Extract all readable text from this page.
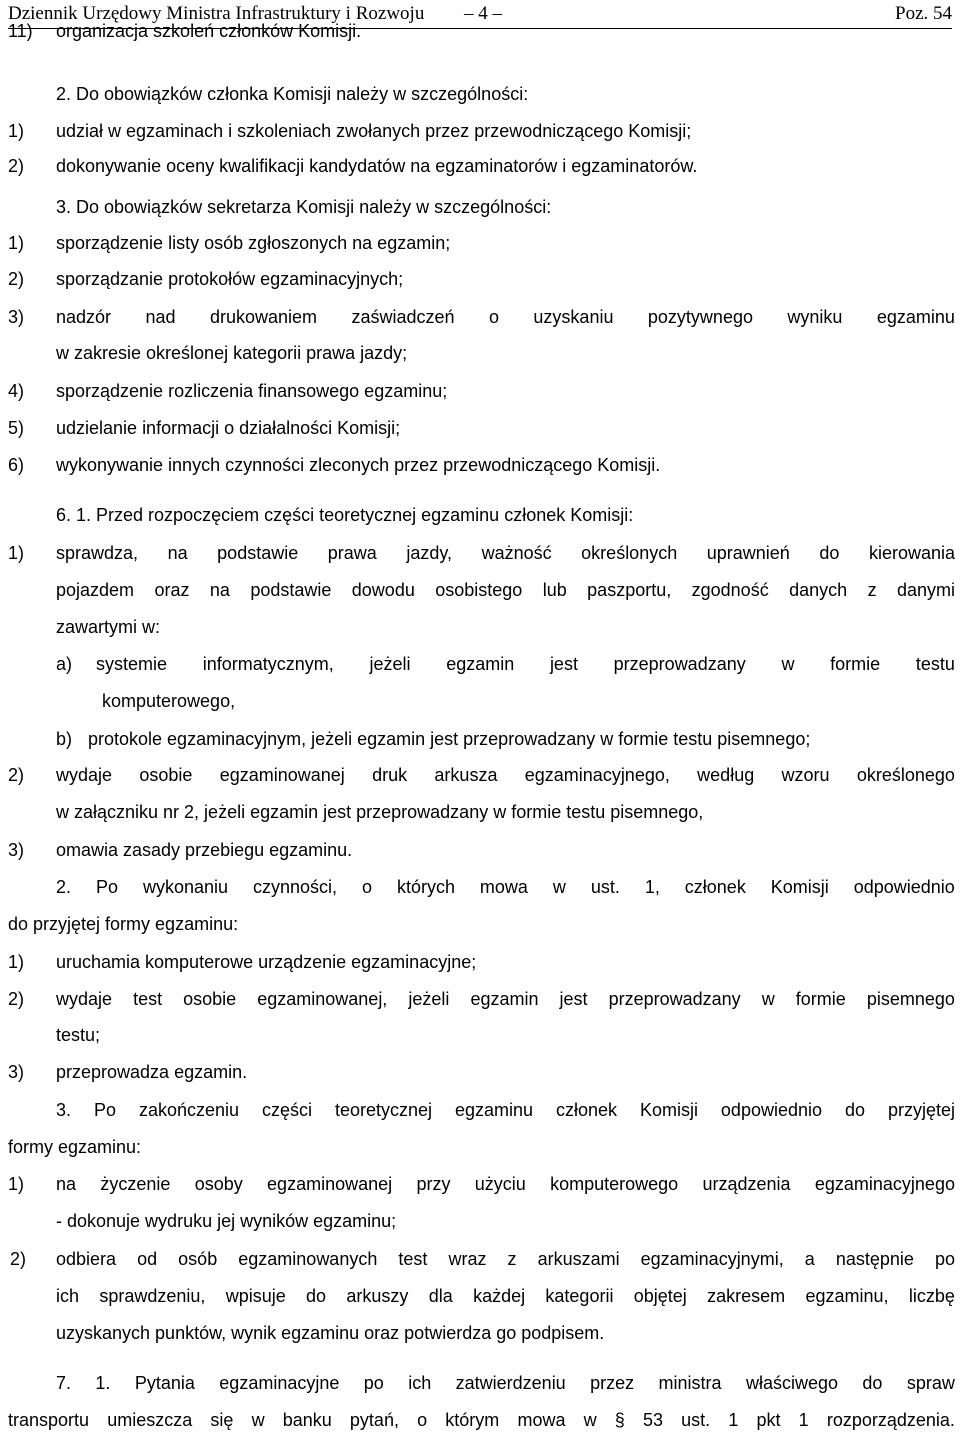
Dziennik Urzędowy Ministra Infrastruktury i Rozwoju – 4 –	Poz. 54
11) organizacja szkoleń członków Komisji.
2. Do obowiązków członka Komisji należy w szczególności:
1) udział w egzaminach i szkoleniach zwołanych przez przewodniczącego Komisji;
2) dokonywanie oceny kwalifikacji kandydatów na egzaminatorów i egzaminatorów.
3. Do obowiązków sekretarza Komisji należy w szczególności:
1) sporządzenie listy osób zgłoszonych na egzamin;
2) sporządzanie protokołów egzaminacyjnych;
3) nadzór nad drukowaniem zaświadczeń o uzyskaniu pozytywnego wyniku egzaminu
w zakresie określonej kategorii prawa jazdy;
4) sporządzenie rozliczenia finansowego egzaminu;
5) udzielanie informacji o działalności Komisji;
6) wykonywanie innych czynności zleconych przez przewodniczącego Komisji.
6. 1. Przed rozpoczęciem części teoretycznej egzaminu członek Komisji:
1) sprawdza, na podstawie prawa jazdy, ważność określonych uprawnień do kierowania
pojazdem oraz na podstawie dowodu osobistego lub paszportu, zgodność danych z danymi
zawartymi w:
a) systemie informatycznym, jeżeli egzamin jest przeprowadzany w formie testu
komputerowego,
b) protokole egzaminacyjnym, jeżeli egzamin jest przeprowadzany w formie testu pisemnego;
2) wydaje osobie egzaminowanej druk arkusza egzaminacyjnego, według wzoru określonego
w załączniku nr 2, jeżeli egzamin jest przeprowadzany w formie testu pisemnego,
3) omawia zasady przebiegu egzaminu.
2. Po wykonaniu czynności, o których mowa w ust. 1, członek Komisji odpowiednio
do przyjętej formy egzaminu:
1) uruchamia komputerowe urządzenie egzaminacyjne;
2) wydaje test osobie egzaminowanej, jeżeli egzamin jest przeprowadzany w formie pisemnego
testu;
3) przeprowadza egzamin.
3. Po zakończeniu części teoretycznej egzaminu członek Komisji odpowiednio do przyjętej
formy egzaminu:
1) na życzenie osoby egzaminowanej przy użyciu komputerowego urządzenia egzaminacyjnego
- dokonuje wydruku jej wyników egzaminu;
2) odbiera od osób egzaminowanych test wraz z arkuszami egzaminacyjnymi, a następnie po
ich sprawdzeniu, wpisuje do arkuszy dla każdej kategorii objętej zakresem egzaminu, liczbę
uzyskanych punktów, wynik egzaminu oraz potwierdza go podpisem.
7. 1. Pytania egzaminacyjne po ich zatwierdzeniu przez ministra właściwego do spraw
transportu umieszcza się w banku pytań, o którym mowa w § 53 ust. 1 pkt 1 rozporządzenia.
